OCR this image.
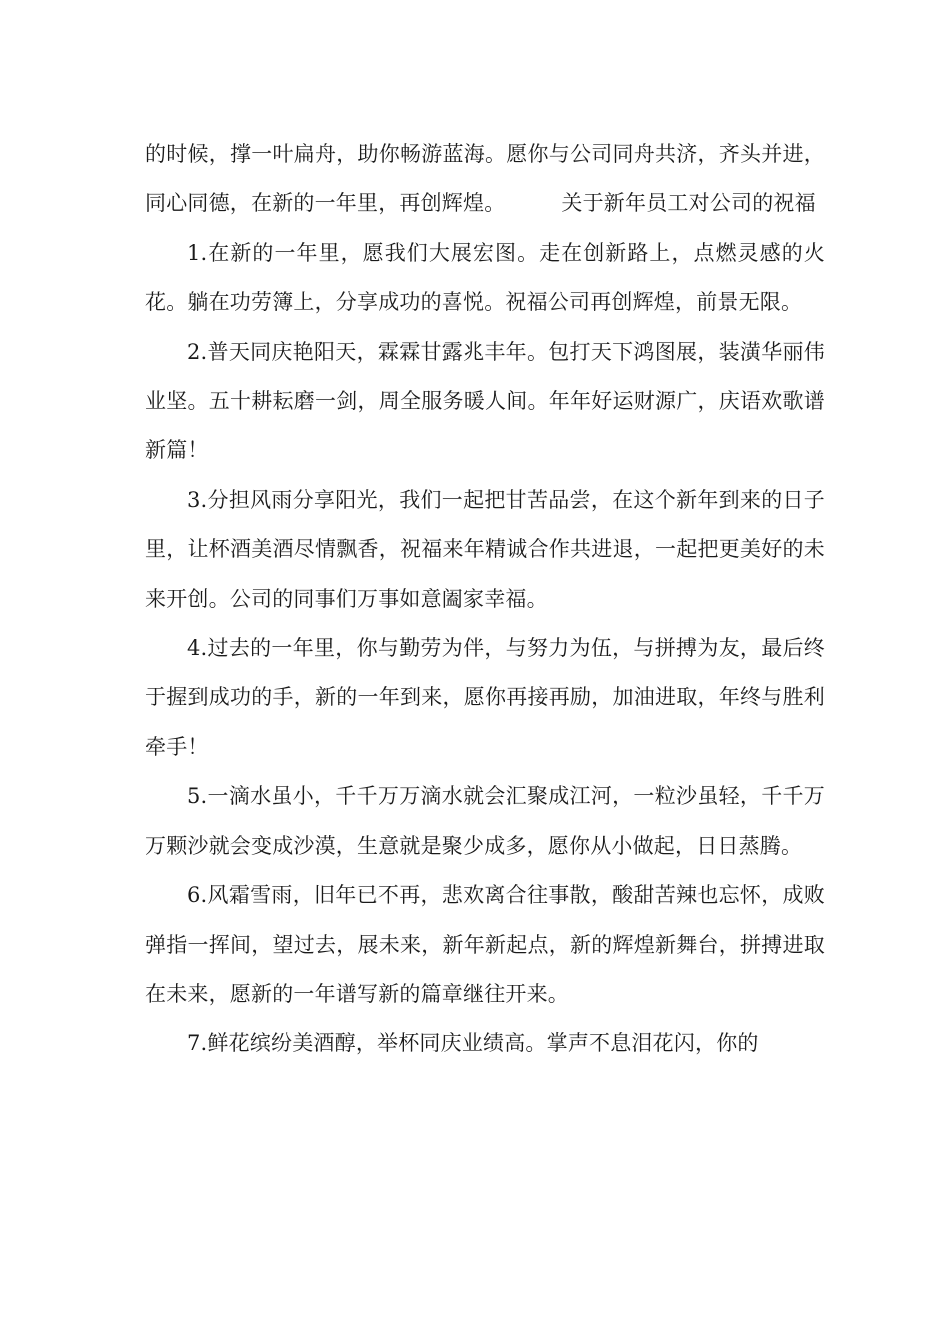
的时候，撑一叶扁舟，助你畅游蓝海。愿你与公司同舟共济，齐头并进，同心同德，在新的一年里，再创辉煌。	关于新年员工对公司的祝福

1.在新的一年里，愿我们大展宏图。走在创新路上，点燃灵感的火花。躺在功劳簿上，分享成功的喜悦。祝福公司再创辉煌，前景无限。

2.普天同庆艳阳天，霖霖甘露兆丰年。包打天下鸿图展，装潢华丽伟业坚。五十耕耘磨一剑，周全服务暖人间。年年好运财源广，庆语欢歌谱新篇！

3.分担风雨分享阳光，我们一起把甘苦品尝，在这个新年到来的日子里，让杯酒美酒尽情飘香，祝福来年精诚合作共进退，一起把更美好的未来开创。公司的同事们万事如意阖家幸福。

4.过去的一年里，你与勤劳为伴，与努力为伍，与拼搏为友，最后终于握到成功的手，新的一年到来，愿你再接再励，加油进取，年终与胜利牵手！

5.一滴水虽小，千千万万滴水就会汇聚成江河，一粒沙虽轻，千千万万颗沙就会变成沙漠，生意就是聚少成多，愿你从小做起，日日蒸腾。

6.风霜雪雨，旧年已不再，悲欢离合往事散，酸甜苦辣也忘怀，成败弹指一挥间，望过去，展未来，新年新起点，新的辉煌新舞台，拼搏进取在未来，愿新的一年谱写新的篇章继往开来。

7.鲜花缤纷美酒醇，举杯同庆业绩高。掌声不息泪花闪，你的
